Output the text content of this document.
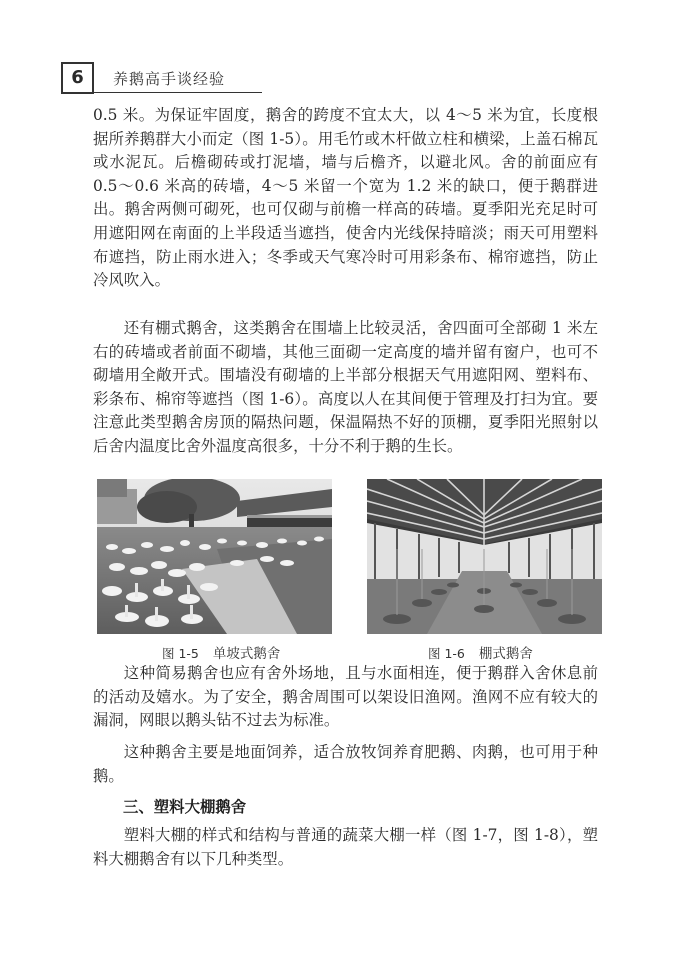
6	养鹅高手谈经验

0.5 米。为保证牢固度，鹅舍的跨度不宜太大，以 4～5 米为宜，长度根据所养鹅群大小而定（图 1-5）。用毛竹或木杆做立柱和横梁，上盖石棉瓦或水泥瓦。后檐砌砖或打泥墙，墙与后檐齐，以避北风。舍的前面应有 0.5～0.6 米高的砖墙，4～5 米留一个宽为 1.2 米的缺口，便于鹅群进出。鹅舍两侧可砌死，也可仅砌与前檐一样高的砖墙。夏季阳光充足时可用遮阳网在南面的上半段适当遮挡，使舍内光线保持暗淡；雨天可用塑料布遮挡，防止雨水进入；冬季或天气寒冷时可用彩条布、棉帘遮挡，防止冷风吹入。

还有棚式鹅舍，这类鹅舍在围墙上比较灵活，舍四面可全部砌 1 米左右的砖墙或者前面不砌墙，其他三面砌一定高度的墙并留有窗户，也可不砌墙用全敞开式。围墙没有砌墙的上半部分根据天气用遮阳网、塑料布、彩条布、棉帘等遮挡（图 1-6）。高度以人在其间便于管理及打扫为宜。要注意此类型鹅舍房顶的隔热问题，保温隔热不好的顶棚，夏季阳光照射以后舍内温度比舍外温度高很多，十分不利于鹅的生长。

图 1-5 单坡式鹅舍	图 1-6 棚式鹅舍

这种简易鹅舍也应有舍外场地，且与水面相连，便于鹅群入舍休息前的活动及嬉水。为了安全，鹅舍周围可以架设旧渔网。渔网不应有较大的漏洞，网眼以鹅头钻不过去为标准。

这种鹅舍主要是地面饲养，适合放牧饲养育肥鹅、肉鹅，也可用于种鹅。

三、塑料大棚鹅舍

塑料大棚的样式和结构与普通的蔬菜大棚一样（图 1-7，图 1-8），塑料大棚鹅舍有以下几种类型。
